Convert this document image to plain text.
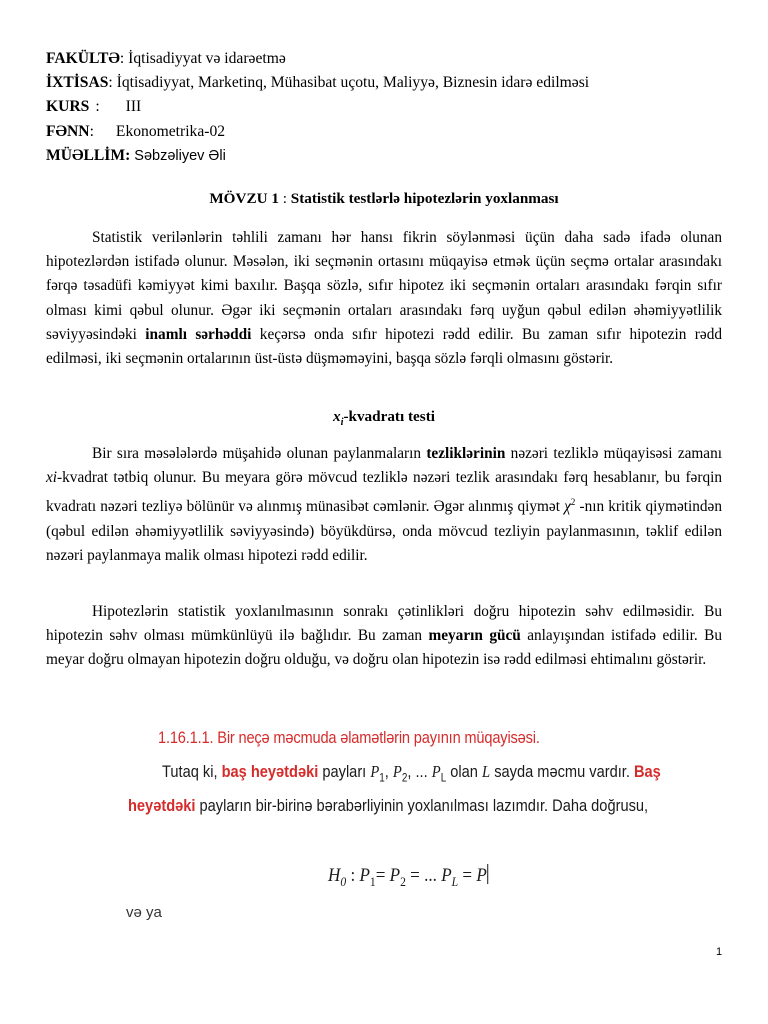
FAKÜLTƏ: İqtisadiyyat və idarəetmə
İXTİSAS: İqtisadiyyat, Marketinq, Mühasibat uçotu, Maliyyə, Biznesin idarə edilməsi
KURS : III
FƏNN: Ekonometrika-02
MÜƏLLİM: Səbzəliyev Əli
MÖVZU 1 : Statistik testlərlə hipotezlərin yoxlanması
Statistik verilənlərin təhlili zamanı hər hansı fikrin söylənməsi üçün daha sadə ifadə olunan hipotezlərdən istifadə olunur. Məsələn, iki seçmənin ortasını müqayisə etmək üçün seçmə ortalar arasındakı fərqə təsadüfi kəmiyyət kimi baxılır. Başqa sözlə, sıfır hipotez iki seçmənin ortaları arasındakı fərqin sıfır olması kimi qəbul olunur. Əgər iki seçmənin ortaları arasındakı fərq uyğun qəbul edilən əhəmiyyətlilik səviyyəsindəki inamlı sərhəddi keçərsə onda sıfır hipotezi rədd edilir. Bu zaman sıfır hipotezin rədd edilməsi, iki seçmənin ortalarının üst-üstə düşməməyini, başqa sözlə fərqli olmasını göstərir.
$x_i$-kvadratı testi
Bir sıra məsələlərdə müşahidə olunan paylanmaların tezliklərinin nəzəri tezliklə müqayisəsi zamanı xi-kvadrat tətbiq olunur. Bu meyara görə mövcud tezliklə nəzəri tezlik arasındakı fərq hesablanır, bu fərqin kvadratı nəzəri tezliyə bölünür və alınmış münasibət cəmlənir. Əgər alınmış qiymət $\chi^2$ -nın kritik qiymətindən (qəbul edilən əhəmiyyətlilik səviyyəsində) böyükdürsə, onda mövcud tezliyin paylanmasının, təklif edilən nəzəri paylanmaya malik olması hipotezi rədd edilir.
Hipotezlərin statistik yoxlanılmasının sonrakı çətinlikləri doğru hipotezin səhv edilməsidir. Bu hipotezin səhv olması mümkünlüyü ilə bağlıdır. Bu zaman meyarın gücü anlayışından istifadə edilir. Bu meyar doğru olmayan hipotezin doğru olduğu, və doğru olan hipotezin isə rədd edilməsi ehtimalını göstərir.
1.16.1.1. Bir neçə məcmuda əlamətlərin payının müqayisəsi.
Tutaq ki, baş heyətdəki payları $P_1$, $P_2$, ... $P_L$ olan L sayda məcmu vardır. Baş
heyətdəki payların bir-birinə bərabərliyinin yoxlanılması lazımdır. Daha doğrusu,
$H_0$ : $P_1= P_2$ = ... $P_L = P$
və ya
1
